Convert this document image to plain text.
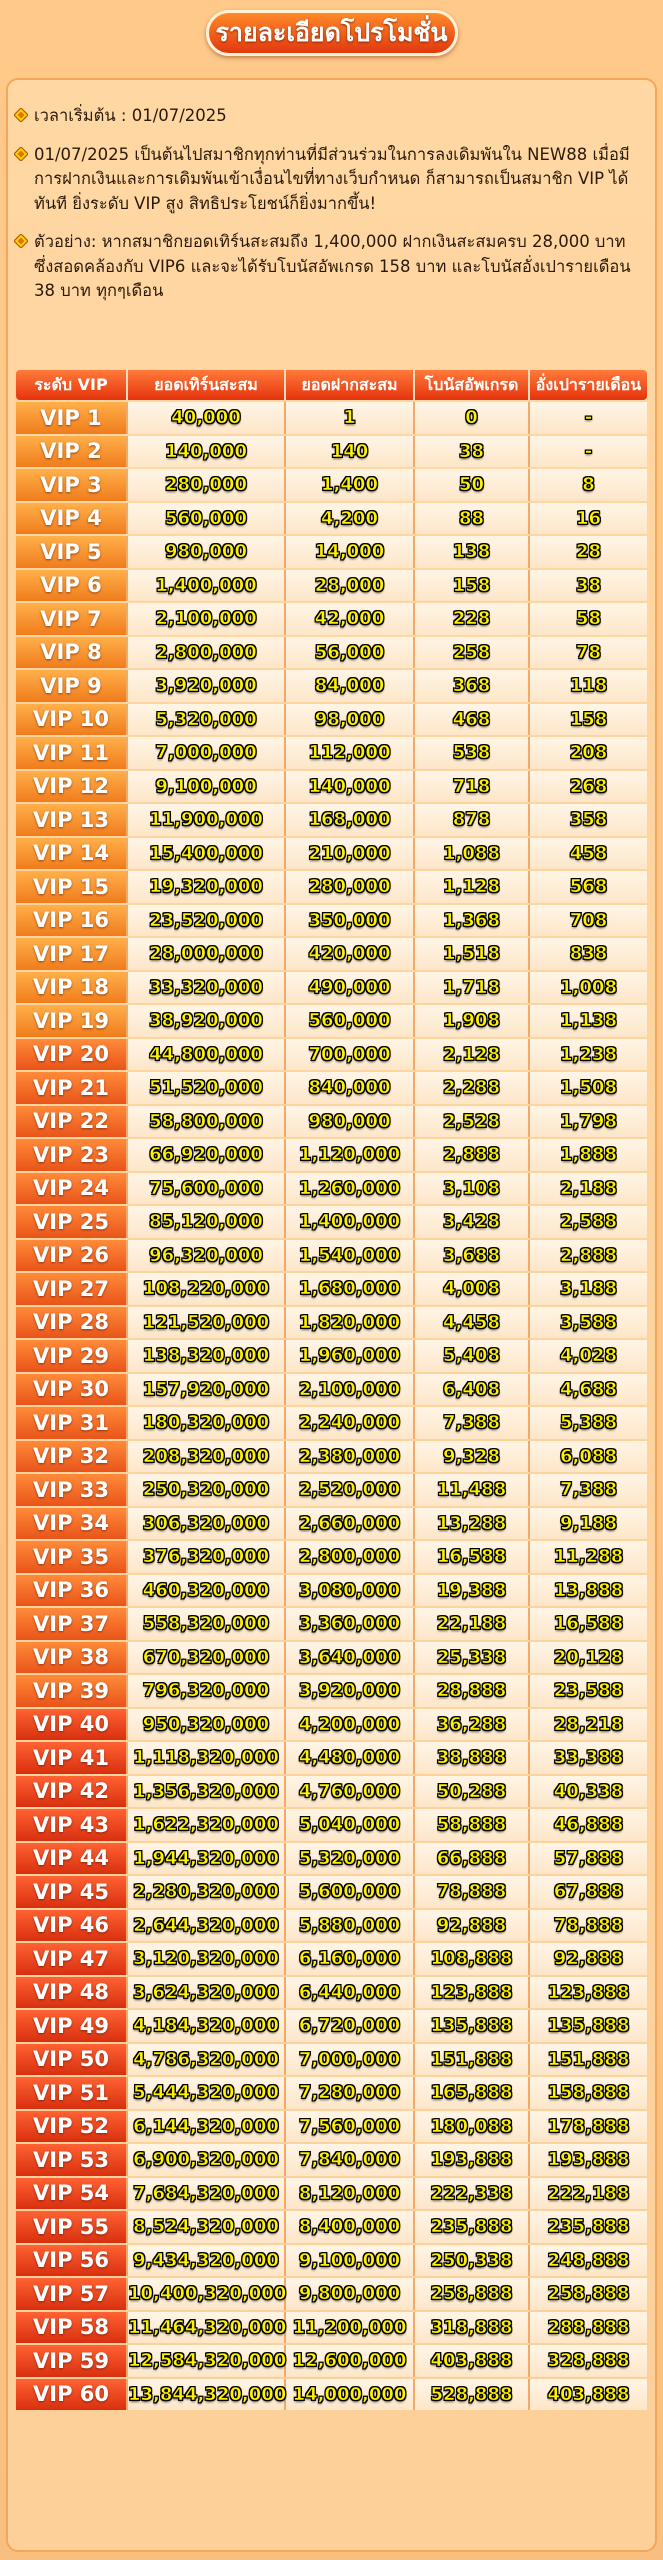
รายละเอียดโปรโมชั่น
เวลาเริ่มต้น : 01/07/2025
01/07/2025 เป็นต้นไปสมาชิกทุกท่านที่มีส่วนร่วมในการลงเดิมพันใน NEW88 เมื่อมีการฝากเงินและการเดิมพันเข้าเงื่อนไขที่ทางเว็บกำหนด ก็สามารถเป็นสมาชิก VIP ได้ทันที ยิ่งระดับ VIP สูง สิทธิประโยชน์ก็ยิ่งมากขึ้น!
ตัวอย่าง: หากสมาชิกยอดเทิร์นสะสมถึง 1,400,000 ฝากเงินสะสมครบ 28,000 บาท ซึ่งสอดคล้องกับ VIP6 และจะได้รับโบนัสอัพเกรด 158 บาท และโบนัสอั่งเปารายเดือน 38 บาท ทุกๆเดือน
ระดับ VIP	ยอดเทิร์นสะสม	ยอดฝากสะสม	โบนัสอัพเกรด	อั่งเปารายเดือน
VIP 1	40,000	1	0	-
VIP 2	140,000	140	38	-
VIP 3	280,000	1,400	50	8
VIP 4	560,000	4,200	88	16
VIP 5	980,000	14,000	138	28
VIP 6	1,400,000	28,000	158	38
VIP 7	2,100,000	42,000	228	58
VIP 8	2,800,000	56,000	258	78
VIP 9	3,920,000	84,000	368	118
VIP 10	5,320,000	98,000	468	158
VIP 11	7,000,000	112,000	538	208
VIP 12	9,100,000	140,000	718	268
VIP 13	11,900,000	168,000	878	358
VIP 14	15,400,000	210,000	1,088	458
VIP 15	19,320,000	280,000	1,128	568
VIP 16	23,520,000	350,000	1,368	708
VIP 17	28,000,000	420,000	1,518	838
VIP 18	33,320,000	490,000	1,718	1,008
VIP 19	38,920,000	560,000	1,908	1,138
VIP 20	44,800,000	700,000	2,128	1,238
VIP 21	51,520,000	840,000	2,288	1,508
VIP 22	58,800,000	980,000	2,528	1,798
VIP 23	66,920,000	1,120,000	2,888	1,888
VIP 24	75,600,000	1,260,000	3,108	2,188
VIP 25	85,120,000	1,400,000	3,428	2,588
VIP 26	96,320,000	1,540,000	3,688	2,888
VIP 27	108,220,000	1,680,000	4,008	3,188
VIP 28	121,520,000	1,820,000	4,458	3,588
VIP 29	138,320,000	1,960,000	5,408	4,028
VIP 30	157,920,000	2,100,000	6,408	4,688
VIP 31	180,320,000	2,240,000	7,388	5,388
VIP 32	208,320,000	2,380,000	9,328	6,088
VIP 33	250,320,000	2,520,000	11,488	7,388
VIP 34	306,320,000	2,660,000	13,288	9,188
VIP 35	376,320,000	2,800,000	16,588	11,288
VIP 36	460,320,000	3,080,000	19,388	13,888
VIP 37	558,320,000	3,360,000	22,188	16,588
VIP 38	670,320,000	3,640,000	25,338	20,128
VIP 39	796,320,000	3,920,000	28,888	23,588
VIP 40	950,320,000	4,200,000	36,288	28,218
VIP 41	1,118,320,000	4,480,000	38,888	33,388
VIP 42	1,356,320,000	4,760,000	50,288	40,338
VIP 43	1,622,320,000	5,040,000	58,888	46,888
VIP 44	1,944,320,000	5,320,000	66,888	57,888
VIP 45	2,280,320,000	5,600,000	78,888	67,888
VIP 46	2,644,320,000	5,880,000	92,888	78,888
VIP 47	3,120,320,000	6,160,000	108,888	92,888
VIP 48	3,624,320,000	6,440,000	123,888	123,888
VIP 49	4,184,320,000	6,720,000	135,888	135,888
VIP 50	4,786,320,000	7,000,000	151,888	151,888
VIP 51	5,444,320,000	7,280,000	165,888	158,888
VIP 52	6,144,320,000	7,560,000	180,088	178,888
VIP 53	6,900,320,000	7,840,000	193,888	193,888
VIP 54	7,684,320,000	8,120,000	222,338	222,188
VIP 55	8,524,320,000	8,400,000	235,888	235,888
VIP 56	9,434,320,000	9,100,000	250,338	248,888
VIP 57	10,400,320,000	9,800,000	258,888	258,888
VIP 58	11,464,320,000	11,200,000	318,888	288,888
VIP 59	12,584,320,000	12,600,000	403,888	328,888
VIP 60	13,844,320,000	14,000,000	528,888	403,888
